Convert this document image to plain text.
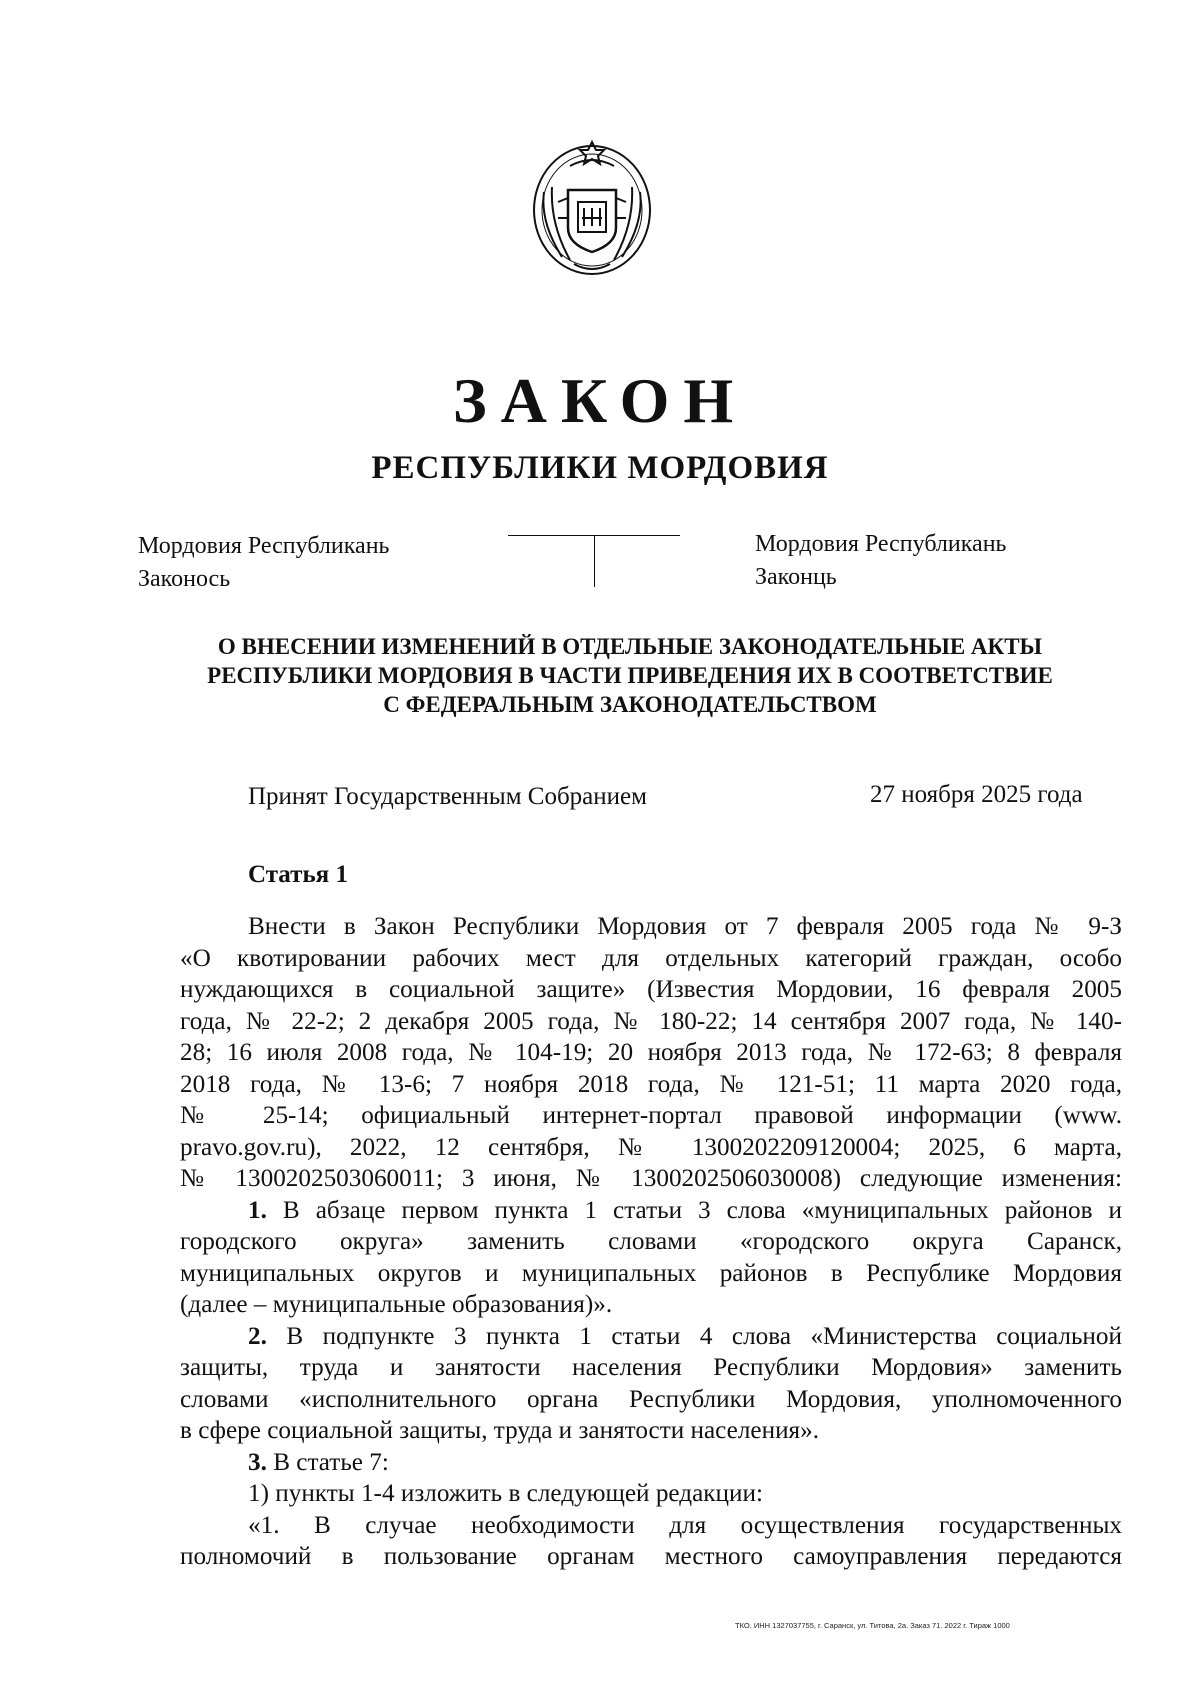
ЗАКОН
РЕСПУБЛИКИ МОРДОВИЯ
Мордовия Республикань
Законось
Мордовия Республикань
Законць
О ВНЕСЕНИИ ИЗМЕНЕНИЙ В ОТДЕЛЬНЫЕ ЗАКОНОДАТЕЛЬНЫЕ АКТЫ
РЕСПУБЛИКИ МОРДОВИЯ В ЧАСТИ ПРИВЕДЕНИЯ ИХ В СООТВЕТСТВИЕ
С ФЕДЕРАЛЬНЫМ ЗАКОНОДАТЕЛЬСТВОМ
Принят Государственным Собранием	27 ноября 2025 года
Статья 1
Внести в Закон Республики Мордовия от 7 февраля 2005 года № 9-З
«О квотировании рабочих мест для отдельных категорий граждан, особо
нуждающихся в социальной защите» (Известия Мордовии, 16 февраля 2005
года, № 22-2; 2 декабря 2005 года, № 180-22; 14 сентября 2007 года, № 140-
28; 16 июля 2008 года, № 104-19; 20 ноября 2013 года, № 172-63; 8 февраля
2018 года, № 13-6; 7 ноября 2018 года, № 121-51; 11 марта 2020 года,
№ 25-14; официальный интернет-портал правовой информации (www.
pravo.gov.ru), 2022, 12 сентября, № 1300202209120004; 2025, 6 марта,
№ 1300202503060011; 3 июня, № 1300202506030008) следующие изменения:
1. В абзаце первом пункта 1 статьи 3 слова «муниципальных районов и
городского округа» заменить словами «городского округа Саранск,
муниципальных округов и муниципальных районов в Республике Мордовия
(далее – муниципальные образования)».
2. В подпункте 3 пункта 1 статьи 4 слова «Министерства социальной
защиты, труда и занятости населения Республики Мордовия» заменить
словами «исполнительного органа Республики Мордовия, уполномоченного
в сфере социальной защиты, труда и занятости населения».
3. В статье 7:
1) пункты 1-4 изложить в следующей редакции:
«1. В случае необходимости для осуществления государственных
полномочий в пользование органам местного самоуправления передаются
ТКО. ИНН 1327037755, г. Саранск, ул. Титова, 2а. Заказ 71. 2022 г. Тираж 1000
